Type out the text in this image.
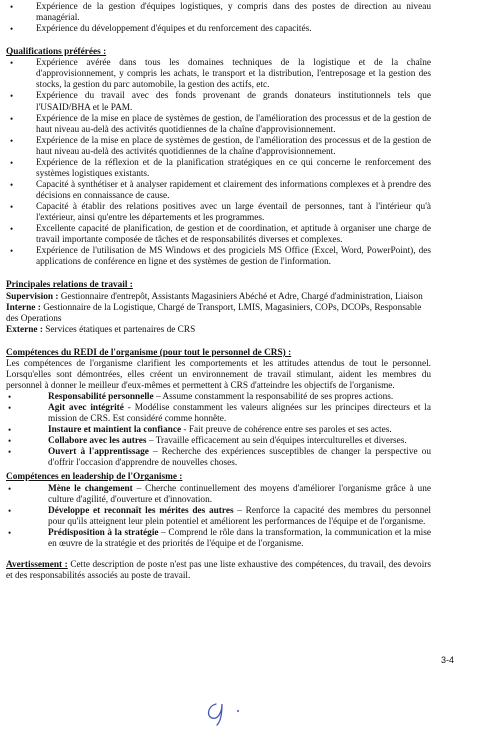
• Expérience de la gestion d'équipes logistiques, y compris dans des postes de direction au niveau managérial.
• Expérience du développement d'équipes et du renforcement des capacités.
Qualifications préférées :
• Expérience avérée dans tous les domaines techniques de la logistique et de la chaîne d'approvisionnement, y compris les achats, le transport et la distribution, l'entreposage et la gestion des stocks, la gestion du parc automobile, la gestion des actifs, etc.
• Expérience du travail avec des fonds provenant de grands donateurs institutionnels tels que l'USAID/BHA et le PAM.
• Expérience de la mise en place de systèmes de gestion, de l'amélioration des processus et de la gestion de haut niveau au-delà des activités quotidiennes de la chaîne d'approvisionnement.
• Expérience de la mise en place de systèmes de gestion, de l'amélioration des processus et de la gestion de haut niveau au-delà des activités quotidiennes de la chaîne d'approvisionnement.
• Expérience de la réflexion et de la planification stratégiques en ce qui concerne le renforcement des systèmes logistiques existants.
• Capacité à synthétiser et à analyser rapidement et clairement des informations complexes et à prendre des décisions en connaissance de cause.
• Capacité à établir des relations positives avec un large éventail de personnes, tant à l'intérieur qu'à l'extérieur, ainsi qu'entre les départements et les programmes.
• Excellente capacité de planification, de gestion et de coordination, et aptitude à organiser une charge de travail importante composée de tâches et de responsabilités diverses et complexes.
• Expérience de l'utilisation de MS Windows et des progiciels MS Office (Excel, Word, PowerPoint), des applications de conférence en ligne et des systèmes de gestion de l'information.
Principales relations de travail :

Supervision : Gestionnaire d'entrepôt, Assistants Magasiniers Abéché et Adre, Chargé d'administration, Liaison

Interne : Gestionnaire de la Logistique, Chargé de Transport, LMIS, Magasiniers, COPs, DCOPs, Responsable des Operations

Externe : Services étatiques et partenaires de CRS

Compétences du REDI de l'organisme (pour tout le personnel de CRS) :

Les compétences de l'organisme clarifient les comportements et les attitudes attendus de tout le personnel. Lorsqu'elles sont démontrées, elles créent un environnement de travail stimulant, aident les membres du personnel à donner le meilleur d'eux-mêmes et permettent à CRS d'atteindre les objectifs de l'organisme.

• Responsabilité personnelle – Assume constamment la responsabilité de ses propres actions.
• Agit avec intégrité - Modélise constamment les valeurs alignées sur les principes directeurs et la mission de CRS. Est considéré comme honnête.
• Instaure et maintient la confiance - Fait preuve de cohérence entre ses paroles et ses actes.
• Collabore avec les autres – Travaille efficacement au sein d'équipes interculturelles et diverses.
• Ouvert à l'apprentissage – Recherche des expériences susceptibles de changer la perspective ou d'offrir l'occasion d'apprendre de nouvelles choses.
Compétences en leadership de l'Organisme :
• Mène le changement – Cherche continuellement des moyens d'améliorer l'organisme grâce à une culture d'agilité, d'ouverture et d'innovation.
• Développe et reconnaît les mérites des autres – Renforce la capacité des membres du personnel pour qu'ils atteignent leur plein potentiel et améliorent les performances de l'équipe et de l'organisme.
• Prédisposition à la stratégie – Comprend le rôle dans la transformation, la communication et la mise en œuvre de la stratégie et des priorités de l'équipe et de l'organisme.

Avertissement : Cette description de poste n'est pas une liste exhaustive des compétences, du travail, des devoirs et des responsabilités associés au poste de travail.

3-4
